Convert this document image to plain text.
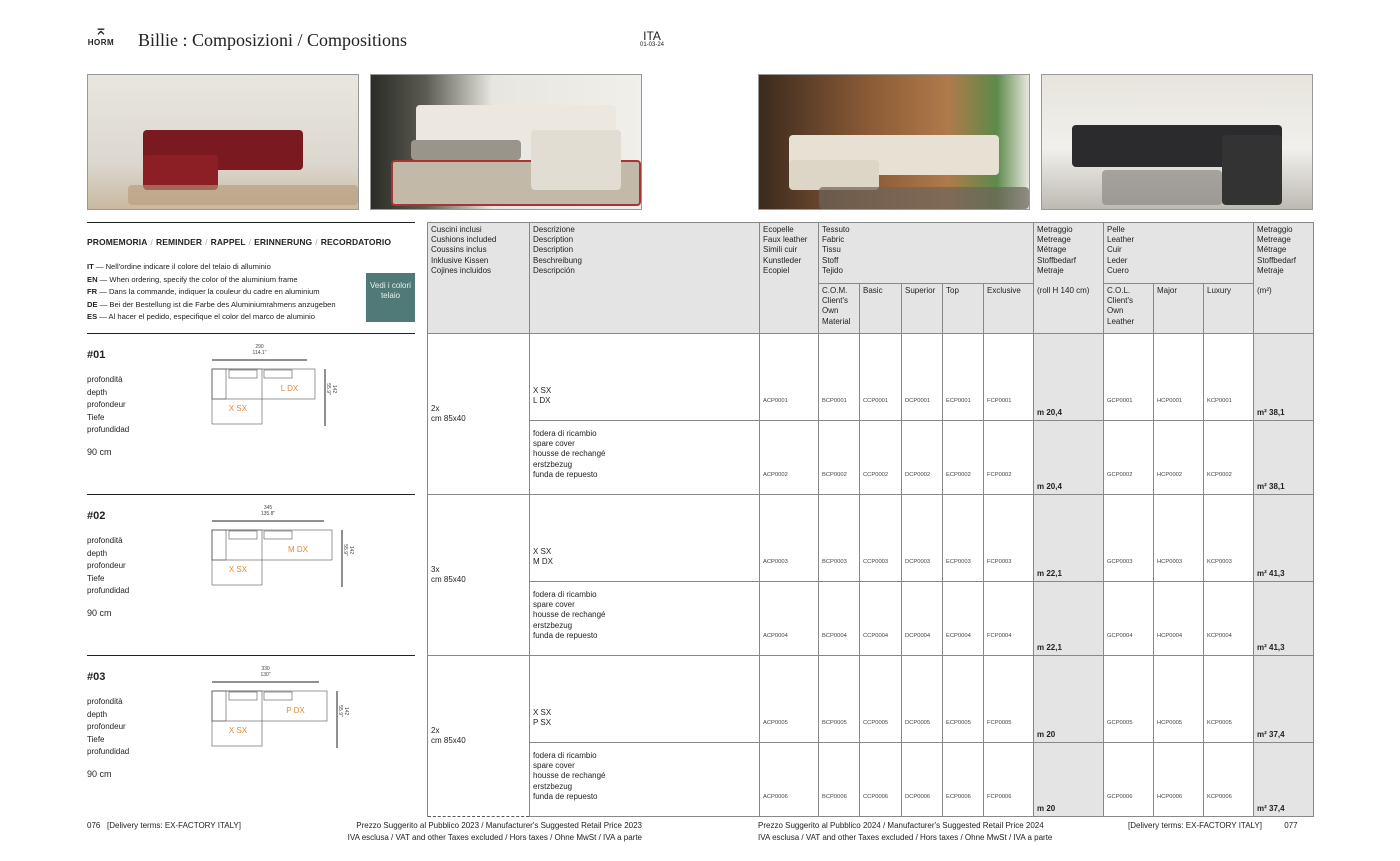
⌅
HORM Billie : Composizioni / Compositions	ITA
01-03-24
PROMEMORIA / REMINDER / RAPPEL / ERINNERUNG / RECORDATORIO
IT — Nell'ordine indicare il colore del telaio di alluminio
EN — When ordering, specify the color of the aluminium frame
FR — Dans la commande, indiquer la couleur du cadre en aluminium
DE — Bei der Bestellung ist die Farbe des Aluminiumrahmens anzugeben
ES — Al hacer el pedido, especifique el color del marco de aluminio
Vedi i colori telaio
#01
profondità
depth
profondeur
Tiefe
profundidad
90 cm
290
114.1"
X SX
L DX	142
55.9"
#02
profondità
depth
profondeur
Tiefe
profundidad
90 cm
345
135.8"
X SX
M DX	142
55.9"
#03
profondità
depth
profondeur
Tiefe
profundidad
90 cm
330
130"
X SX
P DX	142
55.9"
Cuscini inclusi
Cushions included
Coussins inclus
Inklusive Kissen
Cojines incluidos	Descrizione
Description
Description
Beschreibung
Descripción	Ecopelle
Faux leather
Simili cuir
Kunstleder
Ecopiel	Tessuto
Fabric
Tissu
Stoff
Tejido					Metraggio
Metreage
Métrage
Stoffbedarf
Metraje	Pelle
Leather
Cuir
Leder
Cuero			Metraggio
Metreage
Métrage
Stoffbedarf
Metraje
			C.O.M.
Client's
Own
Material	Basic	Superior	Top	Exclusive	(roll H 140 cm)	C.O.L.
Client's
Own
Leather	Major	Luxury	(m²)
2x
cm 85x40	X SX
L DX	ACP0001	BCP0001	CCP0001	DCP0001	ECP0001	FCP0001	m 20,4	GCP0001	HCP0001	KCP0001	m² 38,1
	fodera di ricambio
spare cover
housse de rechangé
erstzbezug
funda de repuesto	ACP0002	BCP0002	CCP0002	DCP0002	ECP0002	FCP0002	m 20,4	GCP0002	HCP0002	KCP0002	m² 38,1
3x
cm 85x40	X SX
M DX	ACP0003	BCP0003	CCP0003	DCP0003	ECP0003	FCP0003	m 22,1	GCP0003	HCP0003	KCP0003	m² 41,3
	fodera di ricambio
spare cover
housse de rechangé
erstzbezug
funda de repuesto	ACP0004	BCP0004	CCP0004	DCP0004	ECP0004	FCP0004	m 22,1	GCP0004	HCP0004	KCP0004	m² 41,3
2x
cm 85x40	X SX
P SX	ACP0005	BCP0005	CCP0005	DCP0005	ECP0005	FCP0005	m 20	GCP0005	HCP0005	KCP0005	m² 37,4
	fodera di ricambio
spare cover
housse de rechangé
erstzbezug
funda de repuesto	ACP0006	BCP0006	CCP0006	DCP0006	ECP0006	FCP0006	m 20	GCP0006	HCP0006	KCP0006	m² 37,4
076 [Delivery terms: EX-FACTORY ITALY]	Prezzo Suggerito al Pubblico 2023 / Manufacturer's Suggested Retail Price 2023
IVA esclusa / VAT and other Taxes excluded / Hors taxes / Ohne MwSt / IVA a parte
Prezzo Suggerito al Pubblico 2024 / Manufacturer's Suggested Retail Price 2024
IVA esclusa / VAT and other Taxes excluded / Hors taxes / Ohne MwSt / IVA a parte
[Delivery terms: EX-FACTORY ITALY]	077
